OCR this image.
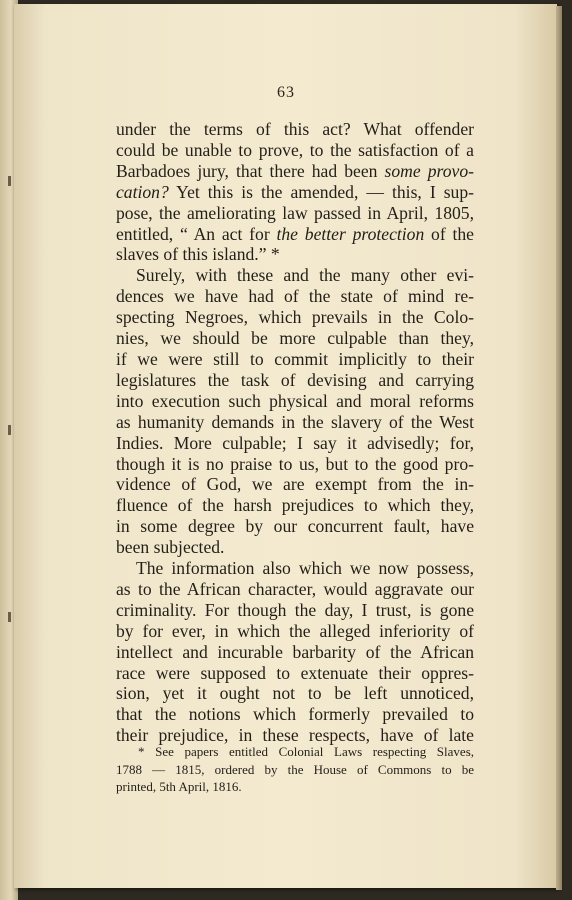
63
under the terms of this act? What offender
could be unable to prove, to the satisfaction of a
Barbadoes jury, that there had been some provo-
cation? Yet this is the amended, — this, I sup-
pose, the ameliorating law passed in April, 1805,
entitled, “ An act for the better protection of the
slaves of this island.” *
Surely, with these and the many other evi-
dences we have had of the state of mind re-
specting Negroes, which prevails in the Colo-
nies, we should be more culpable than they,
if we were still to commit implicitly to their
legislatures the task of devising and carrying
into execution such physical and moral reforms
as humanity demands in the slavery of the West
Indies. More culpable; I say it advisedly; for,
though it is no praise to us, but to the good pro-
vidence of God, we are exempt from the in-
fluence of the harsh prejudices to which they,
in some degree by our concurrent fault, have
been subjected.
The information also which we now possess,
as to the African character, would aggravate our
criminality. For though the day, I trust, is gone
by for ever, in which the alleged inferiority of
intellect and incurable barbarity of the African
race were supposed to extenuate their oppres-
sion, yet it ought not to be left unnoticed,
that the notions which formerly prevailed to
their prejudice, in these respects, have of late
* See papers entitled Colonial Laws respecting Slaves,
1788 — 1815, ordered by the House of Commons to be
printed, 5th April, 1816.
